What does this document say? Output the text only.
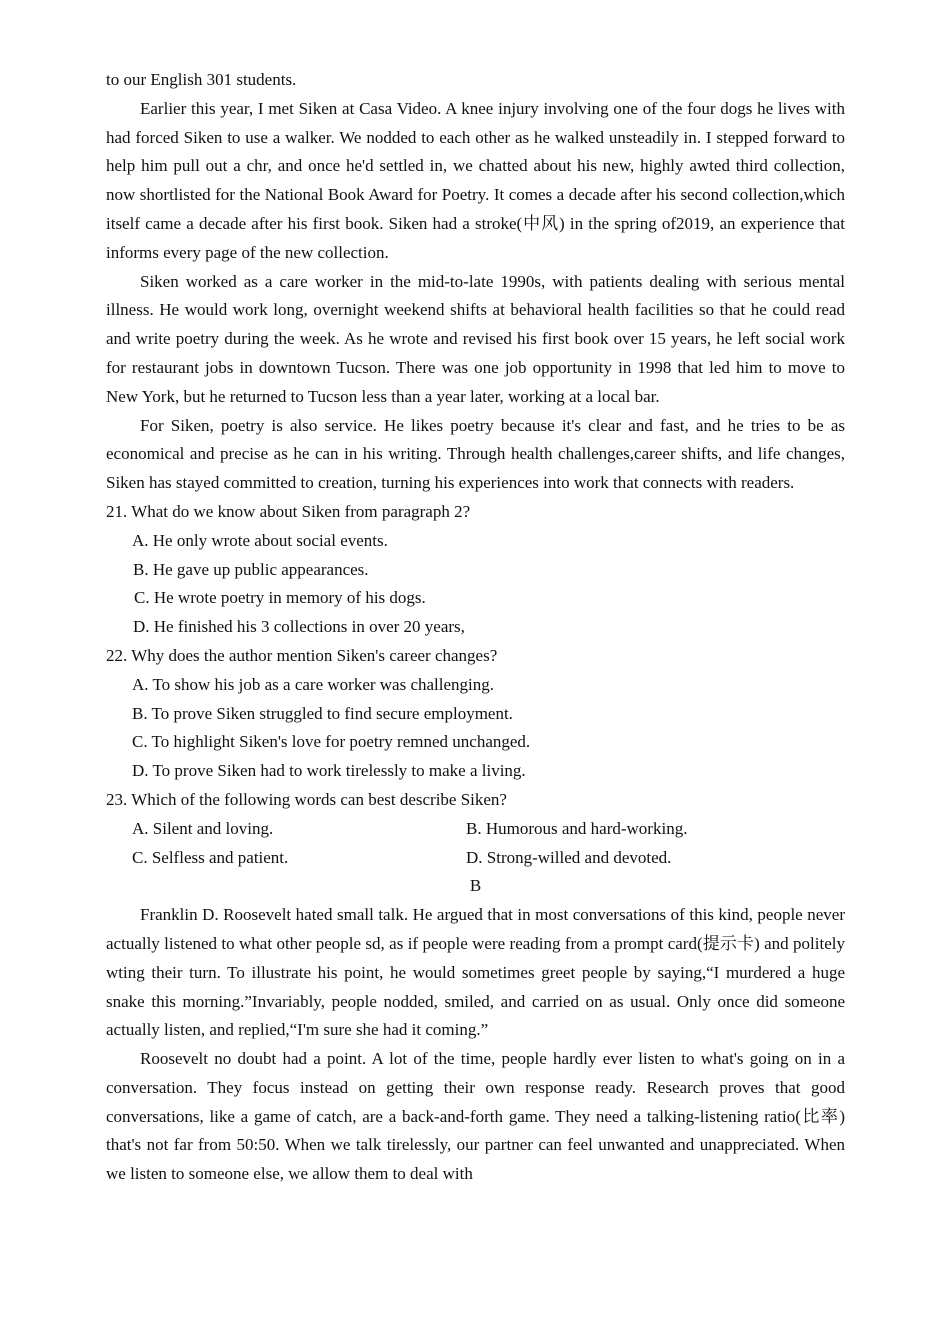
to our English 301 students.

Earlier this year, I met Siken at Casa Video. A knee injury involving one of the four dogs he lives with had forced Siken to use a walker. We nodded to each other as he walked unsteadily in. I stepped forward to help him pull out a chr, and once he'd settled in, we chatted about his new, highly awted third collection, now shortlisted for the National Book Award for Poetry. It comes a decade after his second collection,which itself came a decade after his first book. Siken had a stroke(中风) in the spring of2019, an experience that informs every page of the new collection.

Siken worked as a care worker in the mid-to-late 1990s, with patients dealing with serious mental illness. He would work long, overnight weekend shifts at behavioral health facilities so that he could read and write poetry during the week. As he wrote and revised his first book over 15 years, he left social work for restaurant jobs in downtown Tucson. There was one job opportunity in 1998 that led him to move to New York, but he returned to Tucson less than a year later, working at a local bar.

For Siken, poetry is also service. He likes poetry because it's clear and fast, and he tries to be as economical and precise as he can in his writing. Through health challenges,career shifts, and life changes, Siken has stayed committed to creation, turning his experiences into work that connects with readers.

21. What do we know about Siken from paragraph 2?

A. He only wrote about social events.

B. He gave up public appearances.

C. He wrote poetry in memory of his dogs.

D. He finished his 3 collections in over 20 years,

22. Why does the author mention Siken's career changes?

A. To show his job as a care worker was challenging.

B. To prove Siken struggled to find secure employment.

C. To highlight Siken's love for poetry remned unchanged.

D. To prove Siken had to work tirelessly to make a living.

23. Which of the following words can best describe Siken?

A. Silent and loving.	B. Humorous and hard-working.
C. Selfless and patient.	D. Strong-willed and devoted.

B

Franklin D. Roosevelt hated small talk. He argued that in most conversations of this kind, people never actually listened to what other people sd, as if people were reading from a prompt card(提示卡) and politely wting their turn. To illustrate his point, he would sometimes greet people by saying,“I murdered a huge snake this morning.”Invariably, people nodded, smiled, and carried on as usual. Only once did someone actually listen, and replied,“I'm sure she had it coming.”

Roosevelt no doubt had a point. A lot of the time, people hardly ever listen to what's going on in a conversation. They focus instead on getting their own response ready. Research proves that good conversations, like a game of catch, are a back-and-forth game. They need a talking-listening ratio(比率) that's not far from 50:50. When we talk tirelessly, our partner can feel unwanted and unappreciated. When we listen to someone else, we allow them to deal with
